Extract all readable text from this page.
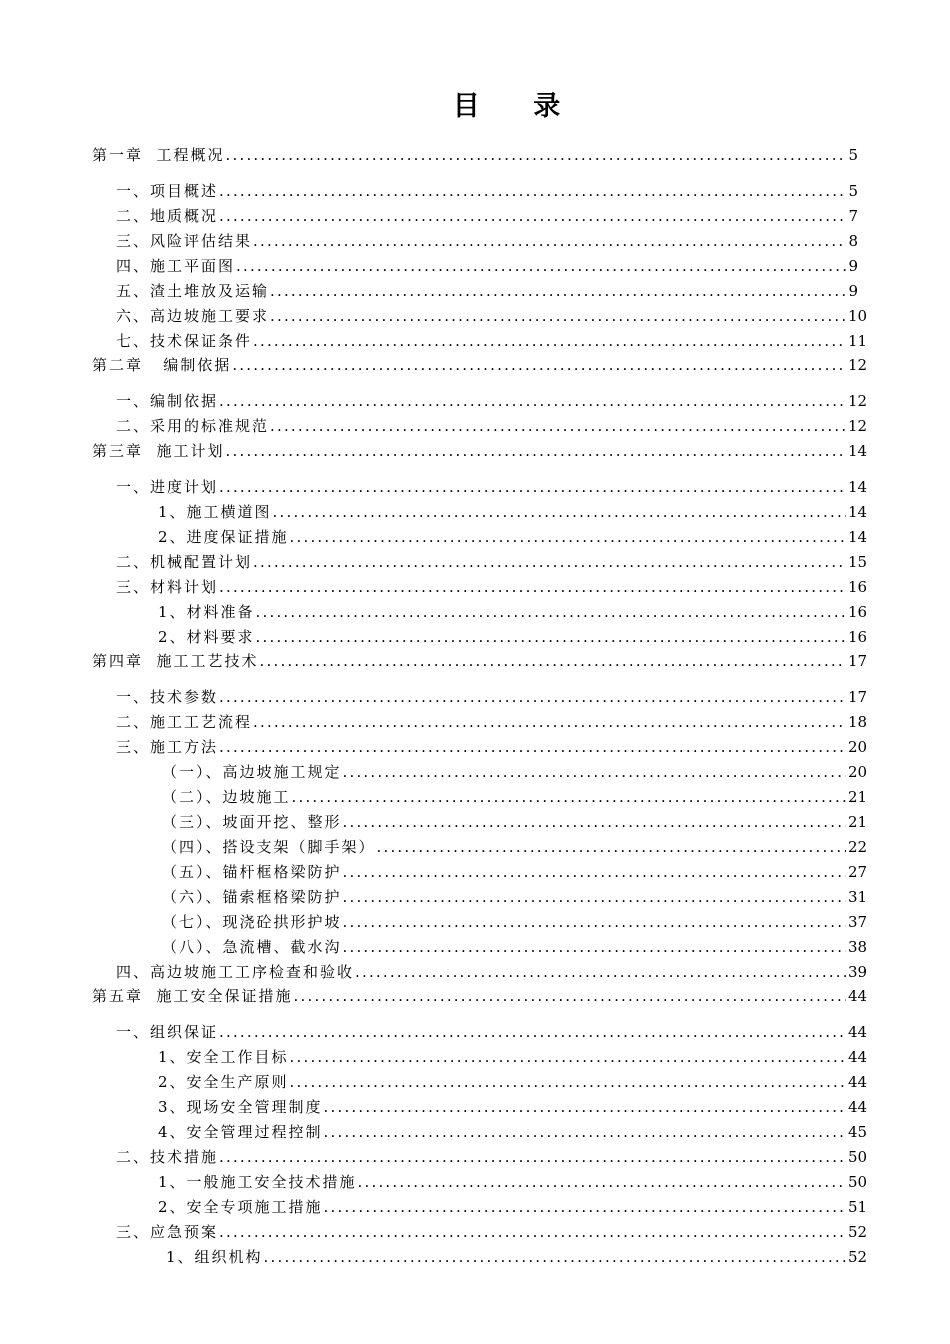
目 录
第一章  工程概况 .....	5
一、项目概述 .....	5
二、地质概况 .....	7
三、风险评估结果 .....	8
四、施工平面图 .....	9
五、渣土堆放及运输 .....	9
六、高边坡施工要求 .....	10
七、技术保证条件 .....	11
第二章   编制依据 .....	12
一、编制依据 .....	12
二、采用的标准规范 .....	12
第三章  施工计划 .....	14
一、进度计划 .....	14
1、施工横道图 .....	14
2、进度保证措施 .....	14
二、机械配置计划 .....	15
三、材料计划 .....	16
1、材料准备 .....	16
2、材料要求 .....	16
第四章  施工工艺技术 .....	17
一、技术参数 .....	17
二、施工工艺流程 .....	18
三、施工方法 .....	20
（一）、高边坡施工规定 .....	20
（二）、边坡施工 .....	21
（三）、坡面开挖、整形 .....	21
（四）、搭设支架（脚手架） .....	22
（五）、锚杆框格梁防护 .....	27
（六）、锚索框格梁防护 .....	31
（七）、现浇砼拱形护坡 .....	37
（八）、急流槽、截水沟 .....	38
四、高边坡施工工序检查和验收 .....	39
第五章  施工安全保证措施 .....	44
一、组织保证 .....	44
1、安全工作目标 .....	44
2、安全生产原则 .....	44
3、现场安全管理制度 .....	44
4、安全管理过程控制 .....	45
二、技术措施 .....	50
1、一般施工安全技术措施 .....	50
2、安全专项施工措施 .....	51
三、应急预案 .....	52
1、组织机构 .....	52
